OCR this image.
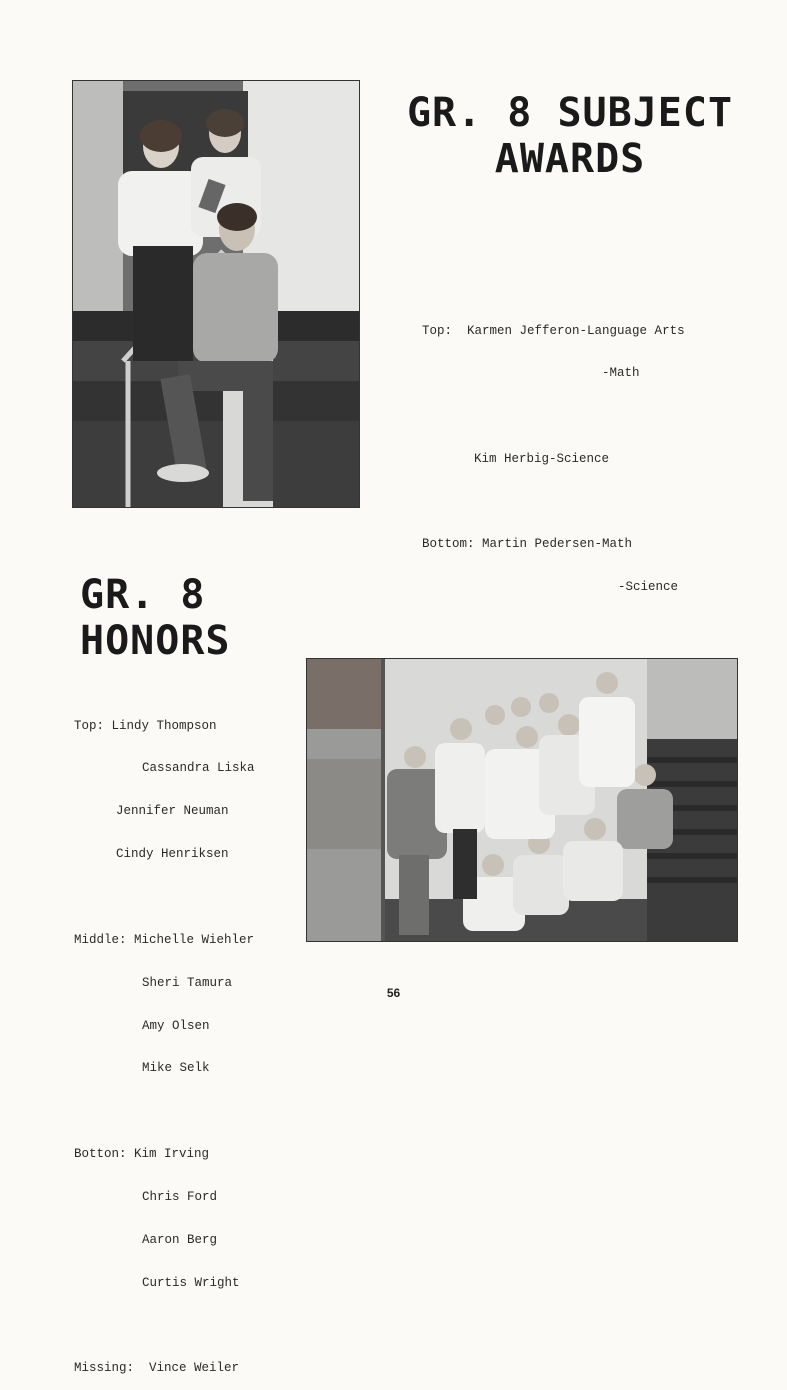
GR. 8 SUBJECT
AWARDS

Top: Karmen Jefferon-Language Arts

-Math

Kim Herbig-Science

Bottom: Martin Pedersen-Math

-Science

GR. 8 HONORS

Top: Lindy Thompson

Cassandra Liska

Jennifer Neuman

Cindy Henriksen

Middle: Michelle Wiehler

Sheri Tamura

Amy Olsen

Mike Selk

Botton: Kim Irving

Chris Ford

Aaron Berg

Curtis Wright

Missing: Vince Weiler

56
